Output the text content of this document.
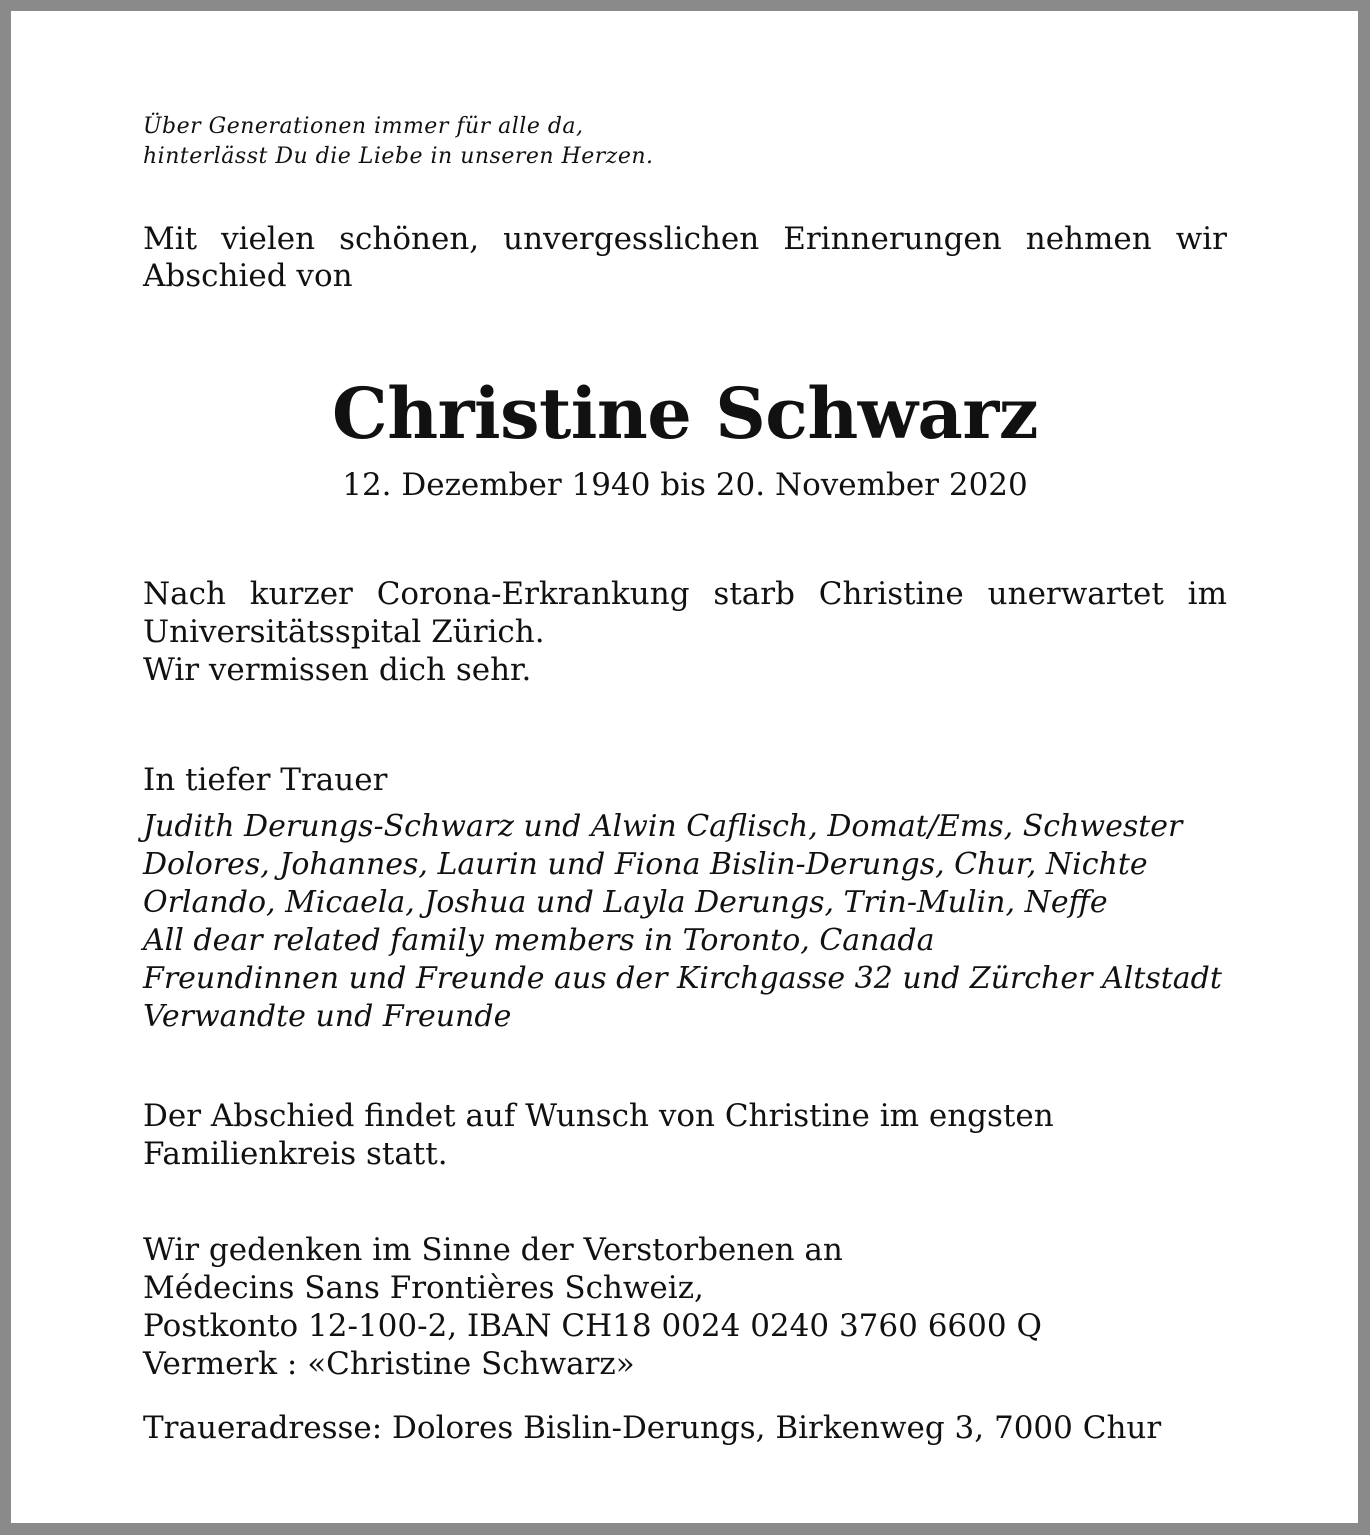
Über Generationen immer für alle da,
hinterlässt Du die Liebe in unseren Herzen.
Mit vielen schönen, unvergesslichen Erinnerungen nehmen wir Abschied von
Christine Schwarz
12. Dezember 1940 bis 20. November 2020
Nach kurzer Corona-Erkrankung starb Christine unerwartet im Universitätsspital Zürich.
Wir vermissen dich sehr.
In tiefer Trauer
Judith Derungs-Schwarz und Alwin Caflisch, Domat/Ems, Schwester
Dolores, Johannes, Laurin und Fiona Bislin-Derungs, Chur, Nichte
Orlando, Micaela, Joshua und Layla Derungs, Trin-Mulin, Neffe
All dear related family members in Toronto, Canada
Freundinnen und Freunde aus der Kirchgasse 32 und Zürcher Altstadt
Verwandte und Freunde
Der Abschied findet auf Wunsch von Christine im engsten Familienkreis statt.
Wir gedenken im Sinne der Verstorbenen an
Médecins Sans Frontières Schweiz,
Postkonto 12-100-2, IBAN CH18 0024 0240 3760 6600 Q
Vermerk : «Christine Schwarz»
Traueradresse: Dolores Bislin-Derungs, Birkenweg 3, 7000 Chur
